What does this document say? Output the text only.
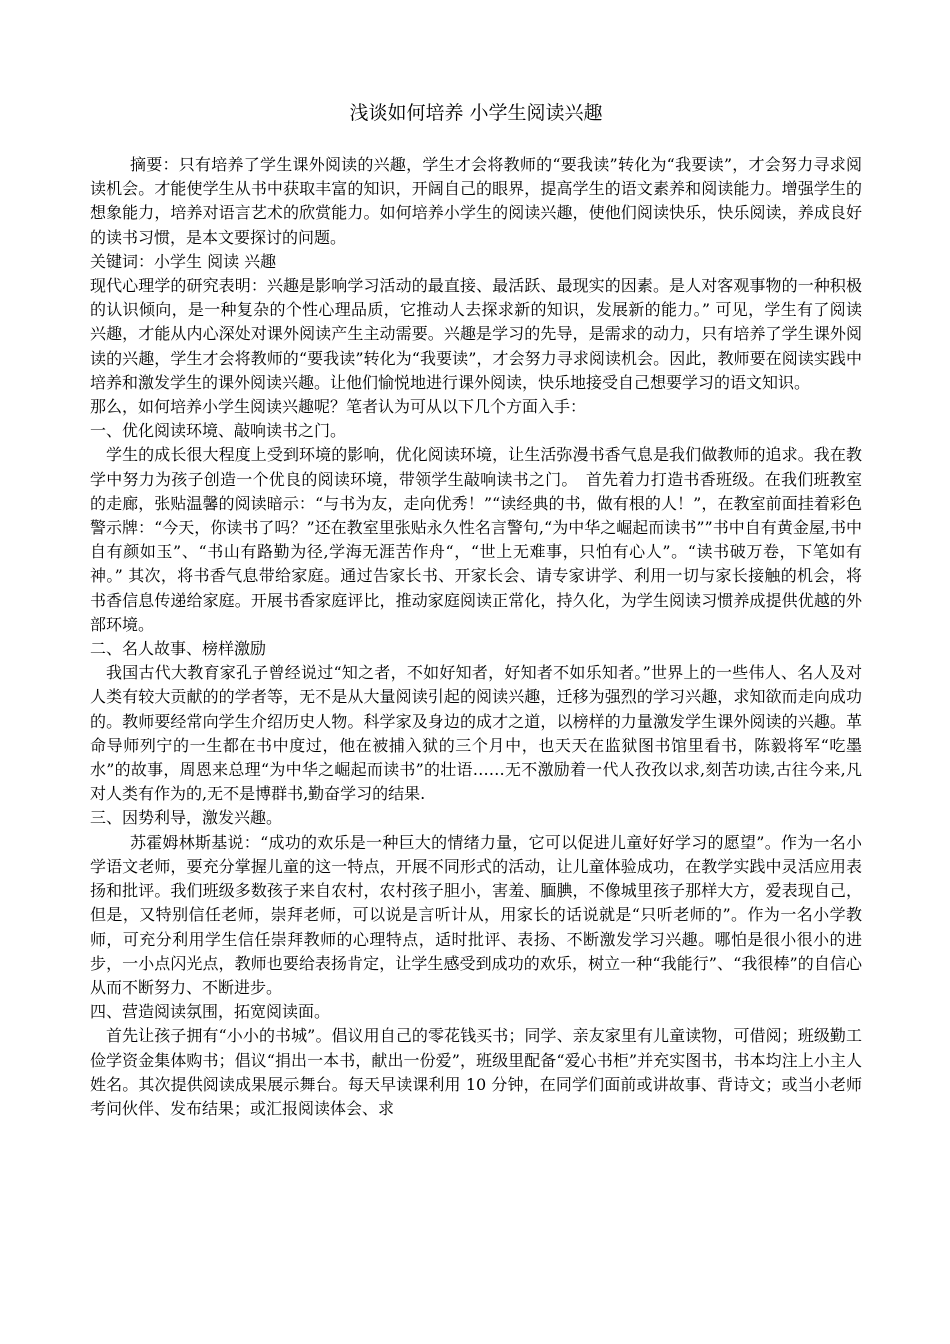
浅谈如何培养 小学生阅读兴趣

摘要：只有培养了学生课外阅读的兴趣，学生才会将教师的“要我读”转化为“我要读”，才会努力寻求阅读机会。才能使学生从书中获取丰富的知识，开阔自己的眼界，提高学生的语文素养和阅读能力。增强学生的想象能力，培养对语言艺术的欣赏能力。如何培养小学生的阅读兴趣，使他们阅读快乐，快乐阅读，养成良好的读书习惯，是本文要探讨的问题。

关键词：小学生 阅读 兴趣

现代心理学的研究表明：兴趣是影响学习活动的最直接、最活跃、最现实的因素。是人对客观事物的一种积极的认识倾向，是一种复杂的个性心理品质，它推动人去探求新的知识，发展新的能力。” 可见，学生有了阅读兴趣，才能从内心深处对课外阅读产生主动需要。兴趣是学习的先导，是需求的动力，只有培养了学生课外阅读的兴趣，学生才会将教师的“要我读”转化为“我要读”，才会努力寻求阅读机会。因此，教师要在阅读实践中培养和激发学生的课外阅读兴趣。让他们愉悦地进行课外阅读，快乐地接受自己想要学习的语文知识。

那么，如何培养小学生阅读兴趣呢？笔者认为可从以下几个方面入手：

一、优化阅读环境、敲响读书之门。

学生的成长很大程度上受到环境的影响，优化阅读环境，让生活弥漫书香气息是我们做教师的追求。我在教学中努力为孩子创造一个优良的阅读环境，带领学生敲响读书之门。　首先着力打造书香班级。在我们班教室的走廊，张贴温馨的阅读暗示：“与书为友，走向优秀！”“读经典的书，做有根的人！”，在教室前面挂着彩色警示牌：“今天，你读书了吗？”还在教室里张贴永久性名言警句,“为中华之崛起而读书””书中自有黄金屋,书中自有颜如玉”、“书山有路勤为径,学海无涯苦作舟“，“世上无难事，只怕有心人”。“读书破万卷，下笔如有神。” 其次，将书香气息带给家庭。通过告家长书、开家长会、请专家讲学、利用一切与家长接触的机会，将书香信息传递给家庭。开展书香家庭评比，推动家庭阅读正常化，持久化，为学生阅读习惯养成提供优越的外部环境。

二、名人故事、榜样激励

我国古代大教育家孔子曾经说过“知之者，不如好知者，好知者不如乐知者。”世界上的一些伟人、名人及对人类有较大贡献的的学者等，无不是从大量阅读引起的阅读兴趣，迁移为强烈的学习兴趣，求知欲而走向成功的。教师要经常向学生介绍历史人物。科学家及身边的成才之道，以榜样的力量激发学生课外阅读的兴趣。革命导师列宁的一生都在书中度过，他在被捕入狱的三个月中，也天天在监狱图书馆里看书，陈毅将军“吃墨水”的故事，周恩来总理“为中华之崛起而读书”的壮语……无不激励着一代人孜孜以求,刻苦功读,古往今来,凡对人类有作为的,无不是博群书,勤奋学习的结果.

三、因势利导，激发兴趣。

苏霍姆林斯基说：“成功的欢乐是一种巨大的情绪力量，它可以促进儿童好好学习的愿望”。作为一名小学语文老师，要充分掌握儿童的这一特点，开展不同形式的活动，让儿童体验成功，在教学实践中灵活应用表扬和批评。我们班级多数孩子来自农村，农村孩子胆小，害羞、腼腆，不像城里孩子那样大方，爱表现自己，但是，又特别信任老师，崇拜老师，可以说是言听计从，用家长的话说就是“只听老师的”。作为一名小学教师，可充分利用学生信任崇拜教师的心理特点，适时批评、表扬、不断激发学习兴趣。哪怕是很小很小的进步，一小点闪光点，教师也要给表扬肯定，让学生感受到成功的欢乐，树立一种“我能行”、“我很棒”的自信心从而不断努力、不断进步。

四、营造阅读氛围，拓宽阅读面。

首先让孩子拥有“小小的书城”。倡议用自己的零花钱买书；同学、亲友家里有儿童读物，可借阅；班级勤工俭学资金集体购书；倡议“捐出一本书，献出一份爱”，班级里配备“爱心书柜”并充实图书，书本均注上小主人姓名。其次提供阅读成果展示舞台。每天早读课利用 10 分钟，在同学们面前或讲故事、背诗文；或当小老师考问伙伴、发布结果；或汇报阅读体会、求
